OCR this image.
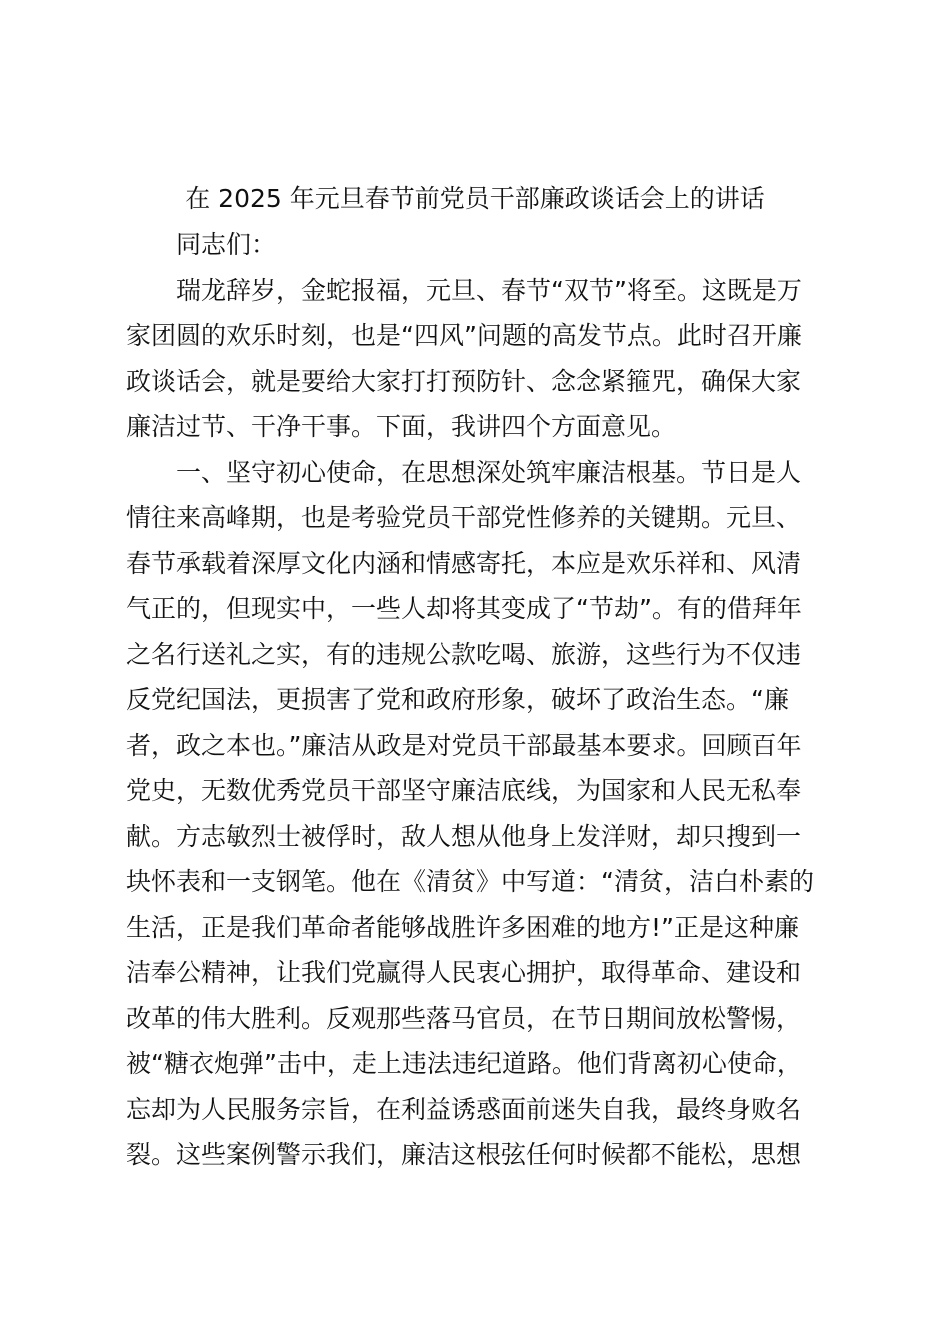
在 2025 年元旦春节前党员干部廉政谈话会上的讲话
　　同志们：
　　瑞龙辞岁，金蛇报福，元旦、春节“双节”将至。这既是万
家团圆的欢乐时刻，也是“四风”问题的高发节点。此时召开廉
政谈话会，就是要给大家打打预防针、念念紧箍咒，确保大家
廉洁过节、干净干事。下面，我讲四个方面意见。
　　一、坚守初心使命，在思想深处筑牢廉洁根基。节日是人
情往来高峰期，也是考验党员干部党性修养的关键期。元旦、
春节承载着深厚文化内涵和情感寄托，本应是欢乐祥和、风清
气正的，但现实中，一些人却将其变成了“节劫”。有的借拜年
之名行送礼之实，有的违规公款吃喝、旅游，这些行为不仅违
反党纪国法，更损害了党和政府形象，破坏了政治生态。“廉
者，政之本也。”廉洁从政是对党员干部最基本要求。回顾百年
党史，无数优秀党员干部坚守廉洁底线，为国家和人民无私奉
献。方志敏烈士被俘时，敌人想从他身上发洋财，却只搜到一
块怀表和一支钢笔。他在《清贫》中写道：“清贫，洁白朴素的
生活，正是我们革命者能够战胜许多困难的地方!”正是这种廉
洁奉公精神，让我们党赢得人民衷心拥护，取得革命、建设和
改革的伟大胜利。反观那些落马官员，在节日期间放松警惕，
被“糖衣炮弹”击中，走上违法违纪道路。他们背离初心使命，
忘却为人民服务宗旨，在利益诱惑面前迷失自我，最终身败名
裂。这些案例警示我们，廉洁这根弦任何时候都不能松，思想
